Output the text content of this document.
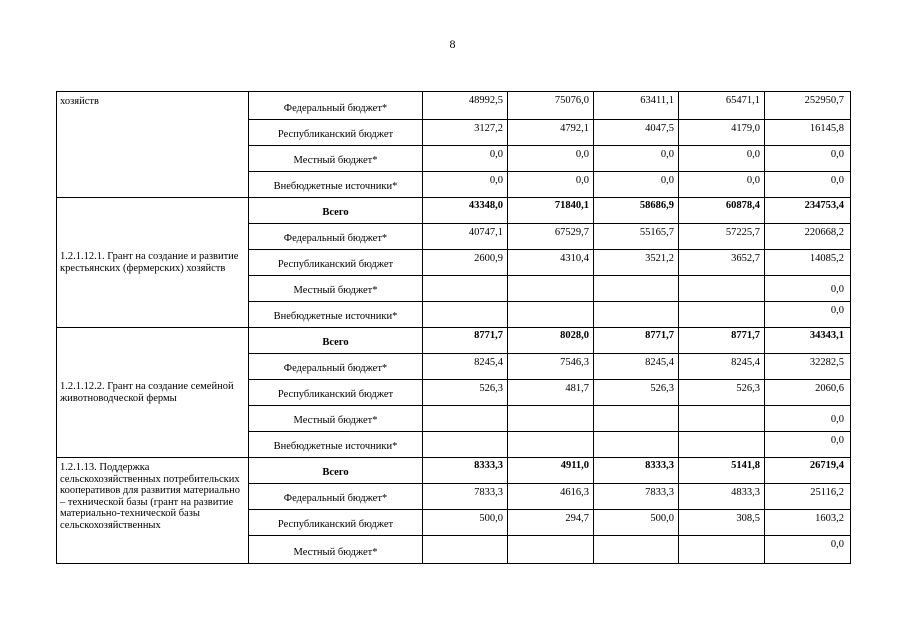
8
хозяйств	Федеральный бюджет*	48992,5	75076,0	63411,1	65471,1	252950,7
	Республиканский бюджет	3127,2	4792,1	4047,5	4179,0	16145,8
	Местный бюджет*	0,0	0,0	0,0	0,0	0,0
	Внебюджетные источники*	0,0	0,0	0,0	0,0	0,0
1.2.1.12.1. Грант на создание и развитие крестьянских (фермерских) хозяйств	Всего	43348,0	71840,1	58686,9	60878,4	234753,4
	Федеральный бюджет*	40747,1	67529,7	55165,7	57225,7	220668,2
	Республиканский бюджет	2600,9	4310,4	3521,2	3652,7	14085,2
	Местный бюджет*					0,0
	Внебюджетные источники*					0,0
1.2.1.12.2. Грант на создание семейной животноводческой фермы	Всего	8771,7	8028,0	8771,7	8771,7	34343,1
	Федеральный бюджет*	8245,4	7546,3	8245,4	8245,4	32282,5
	Республиканский бюджет	526,3	481,7	526,3	526,3	2060,6
	Местный бюджет*					0,0
	Внебюджетные источники*					0,0
1.2.1.13. Поддержка сельскохозяйственных потребительских кооперативов для развития материально – технической базы (грант на развитие материально-технической базы сельскохозяйственных	Всего	8333,3	4911,0	8333,3	5141,8	26719,4
	Федеральный бюджет*	7833,3	4616,3	7833,3	4833,3	25116,2
	Республиканский бюджет	500,0	294,7	500,0	308,5	1603,2
	Местный бюджет*					0,0
